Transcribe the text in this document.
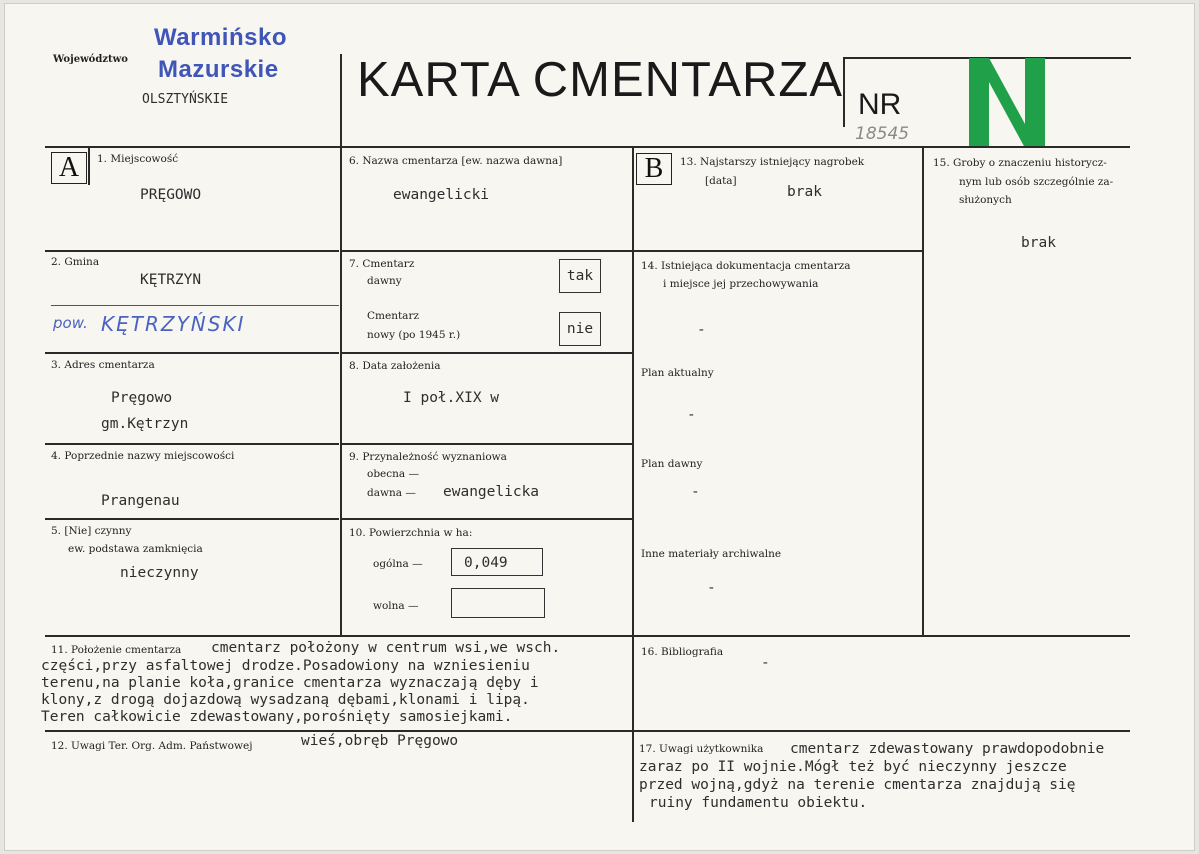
Województwo
Warmińsko
Mazurskie
OLSZTYŃSKIE	KARTA CMENTARZA NR
18545
A	1. Miejscowość
PRĘGOWO
2. Gmina
KĘTRZYN
pow. KĘTRZYŃSKI
3. Adres cmentarza
Pręgowo
gm.Kętrzyn
4. Poprzednie nazwy miejscowości
Prangenau
5. [Nie] czynny
ew. podstawa zamknięcia
nieczynny
6. Nazwa cmentarza [ew. nazwa dawna]
ewangelicki
7. Cmentarz
dawny	tak
Cmentarz
nowy (po 1945 r.)	nie
8. Data założenia
I poł.XIX w
9. Przynależność wyznaniowa
obecna —
dawna — ewangelicka
10. Powierzchnia w ha:
ogólna —	0,049
wolna —
B	13. Najstarszy istniejący nagrobek
[data]
brak
14. Istniejąca dokumentacja cmentarza
i miejsce jej przechowywania
-
Plan aktualny
-
Plan dawny
-
Inne materiały archiwalne
-
15. Groby o znaczeniu historycz-
nym lub osób szczególnie za-
służonych
brak
11. Położenie cmentarza cmentarz położony w centrum wsi,we wsch.
części,przy asfaltowej drodze.Posadowiony na wzniesieniu
terenu,na planie koła,granice cmentarza wyznaczają dęby i
klony,z drogą dojazdową wysadzaną dębami,klonami i lipą.
Teren całkowicie zdewastowany,porośnięty samosiejkami.
16. Bibliografia
-
12. Uwagi Ter. Org. Adm. Państwowej	wieś,obręb Pręgowo	17. Uwagi użytkownika cmentarz zdewastowany prawdopodobnie
zaraz po II wojnie.Mógł też być nieczynny jeszcze
przed wojną,gdyż na terenie cmentarza znajdują się
ruiny fundamentu obiektu.
